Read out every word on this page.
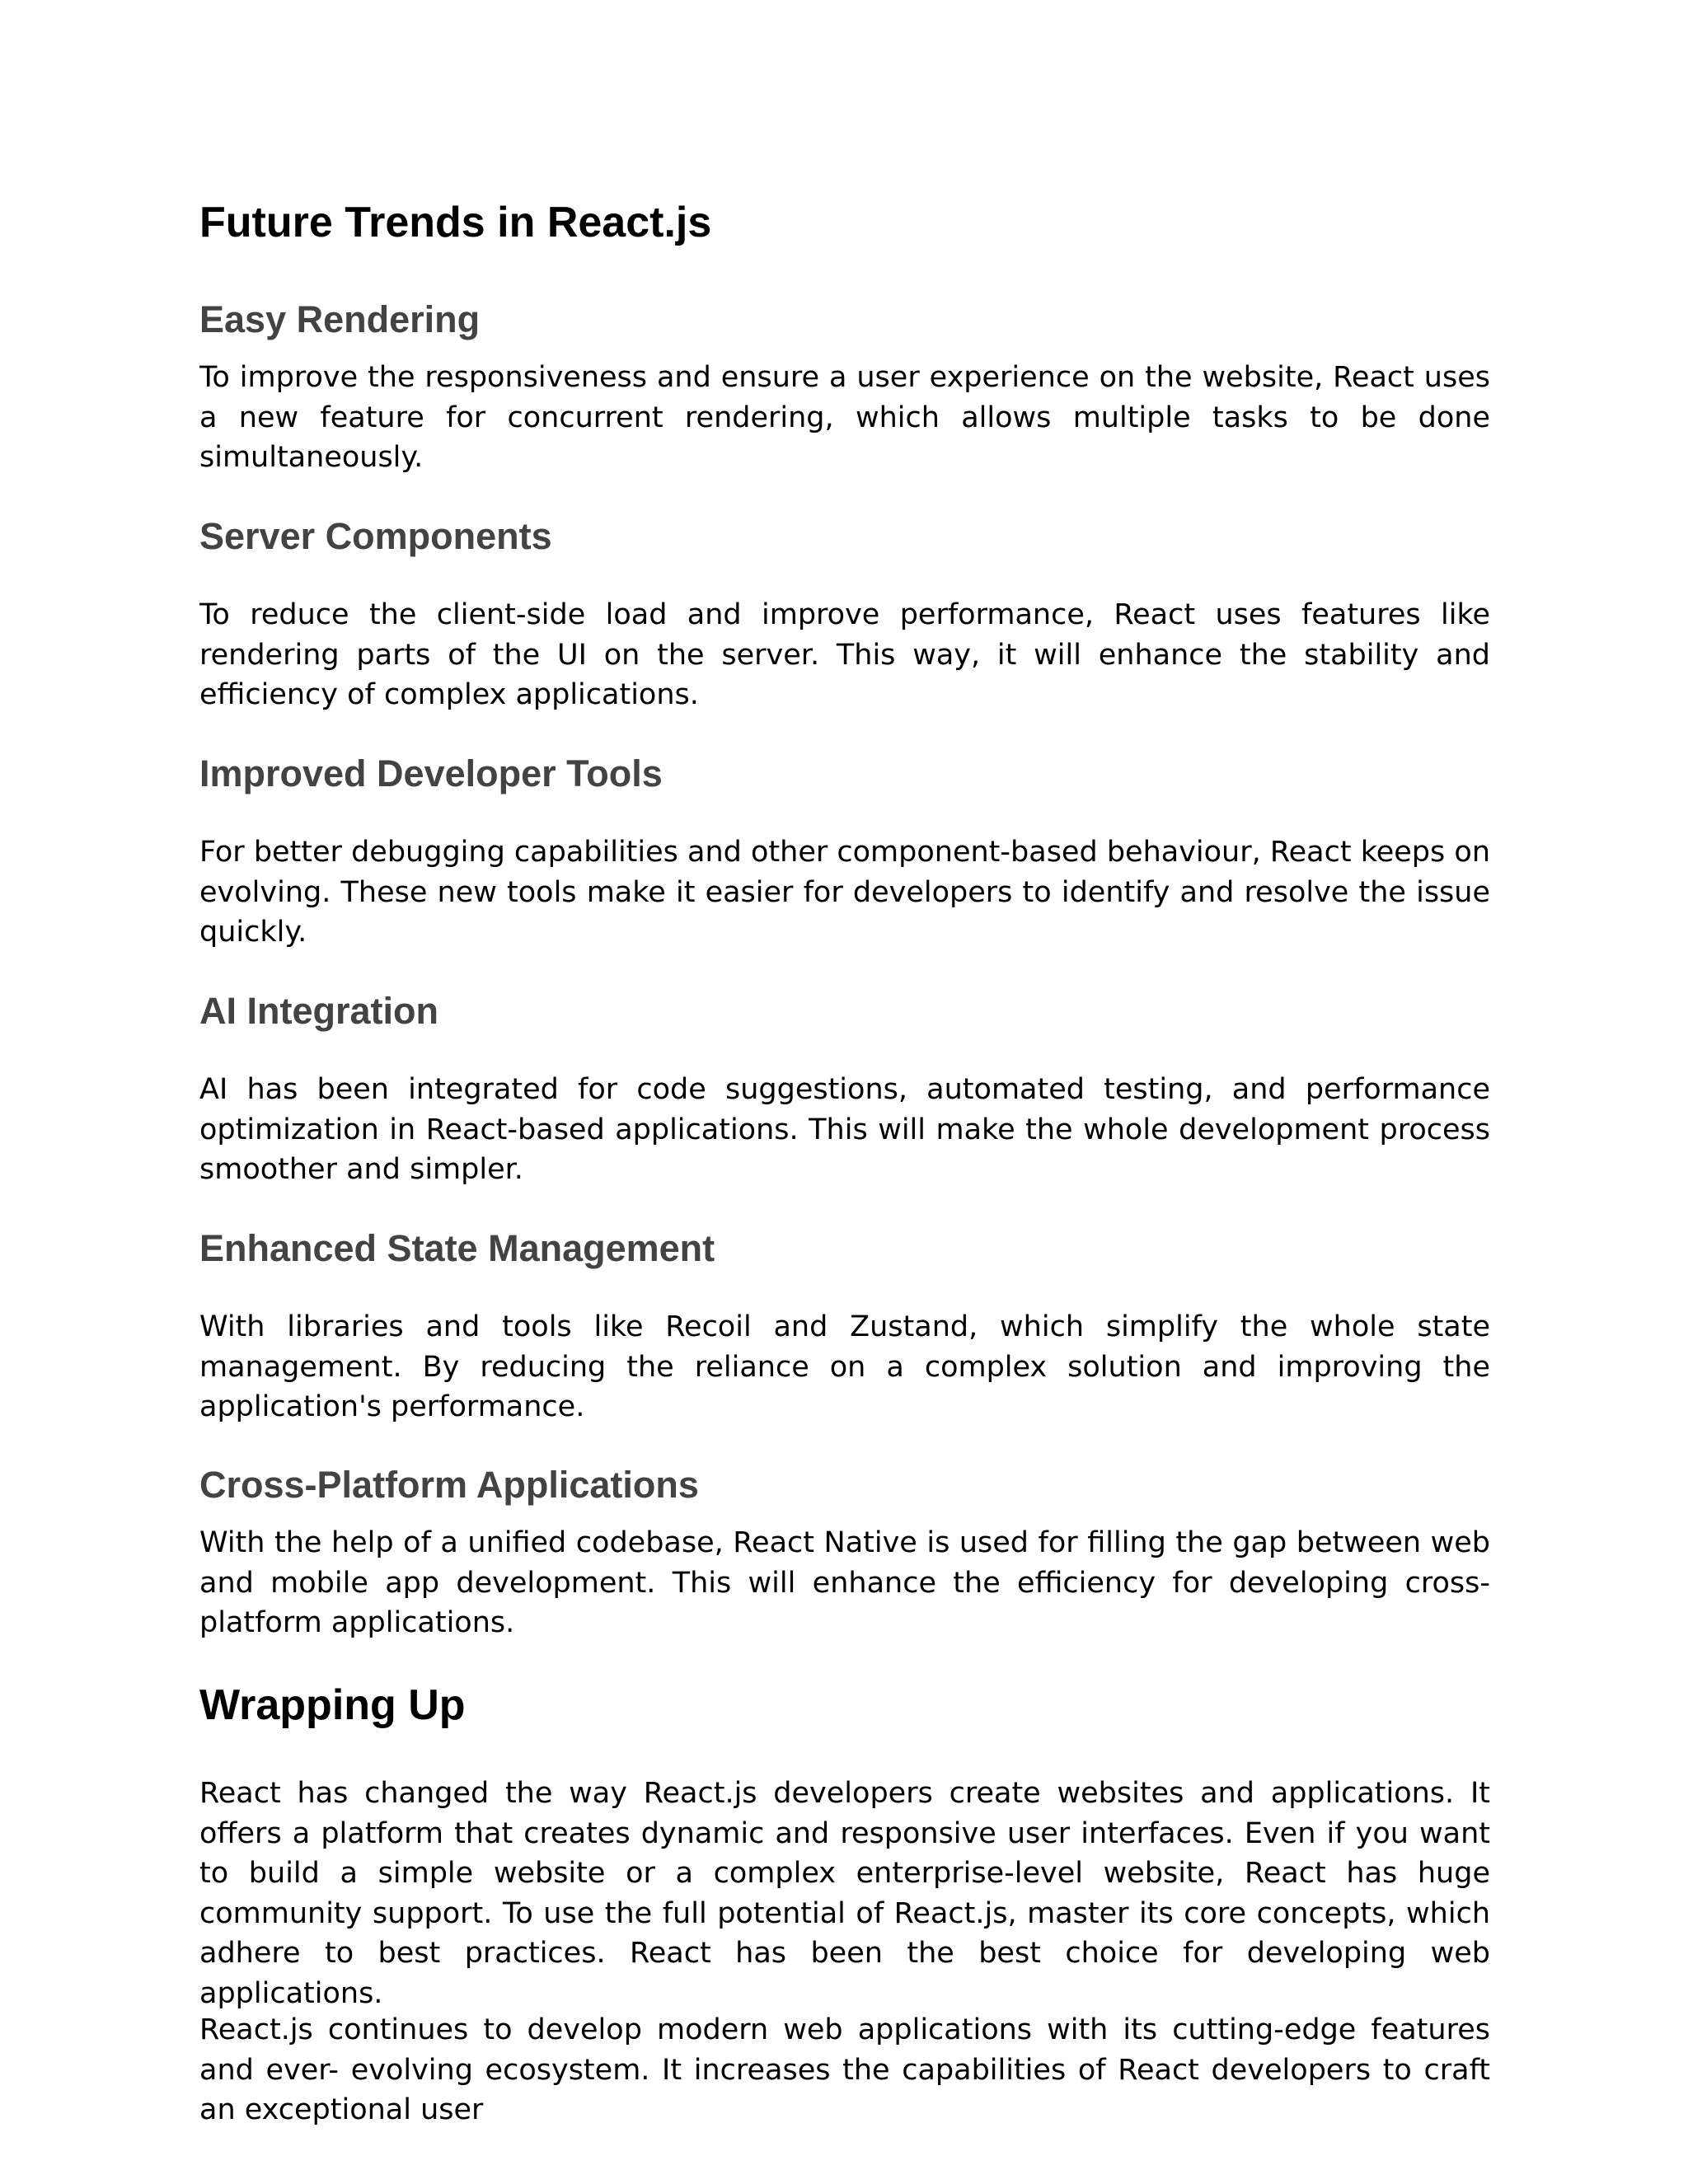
Future Trends in React.js
Easy Rendering

To improve the responsiveness and ensure a user experience on the website, React uses a new feature for concurrent rendering, which allows multiple tasks to be done simultaneously.

Server Components

To reduce the client-side load and improve performance, React uses features like rendering parts of the UI on the server. This way, it will enhance the stability and efficiency of complex applications.

Improved Developer Tools

For better debugging capabilities and other component-based behaviour, React keeps on evolving. These new tools make it easier for developers to identify and resolve the issue quickly.

AI Integration

AI has been integrated for code suggestions, automated testing, and performance optimization in React-based applications. This will make the whole development process smoother and simpler.

Enhanced State Management

With libraries and tools like Recoil and Zustand, which simplify the whole state management. By reducing the reliance on a complex solution and improving the application's performance.

Cross-Platform Applications

With the help of a unified codebase, React Native is used for filling the gap between web and mobile app development. This will enhance the efficiency for developing cross-platform applications.

Wrapping Up

React has changed the way React.js developers create websites and applications. It offers a platform that creates dynamic and responsive user interfaces. Even if you want to build a simple website or a complex enterprise-level website, React has huge community support. To use the full potential of React.js, master its core concepts, which adhere to best practices. React has been the best choice for developing web applications.

React.js continues to develop modern web applications with its cutting-edge features and ever- evolving ecosystem. It increases the capabilities of React developers to craft an exceptional user
